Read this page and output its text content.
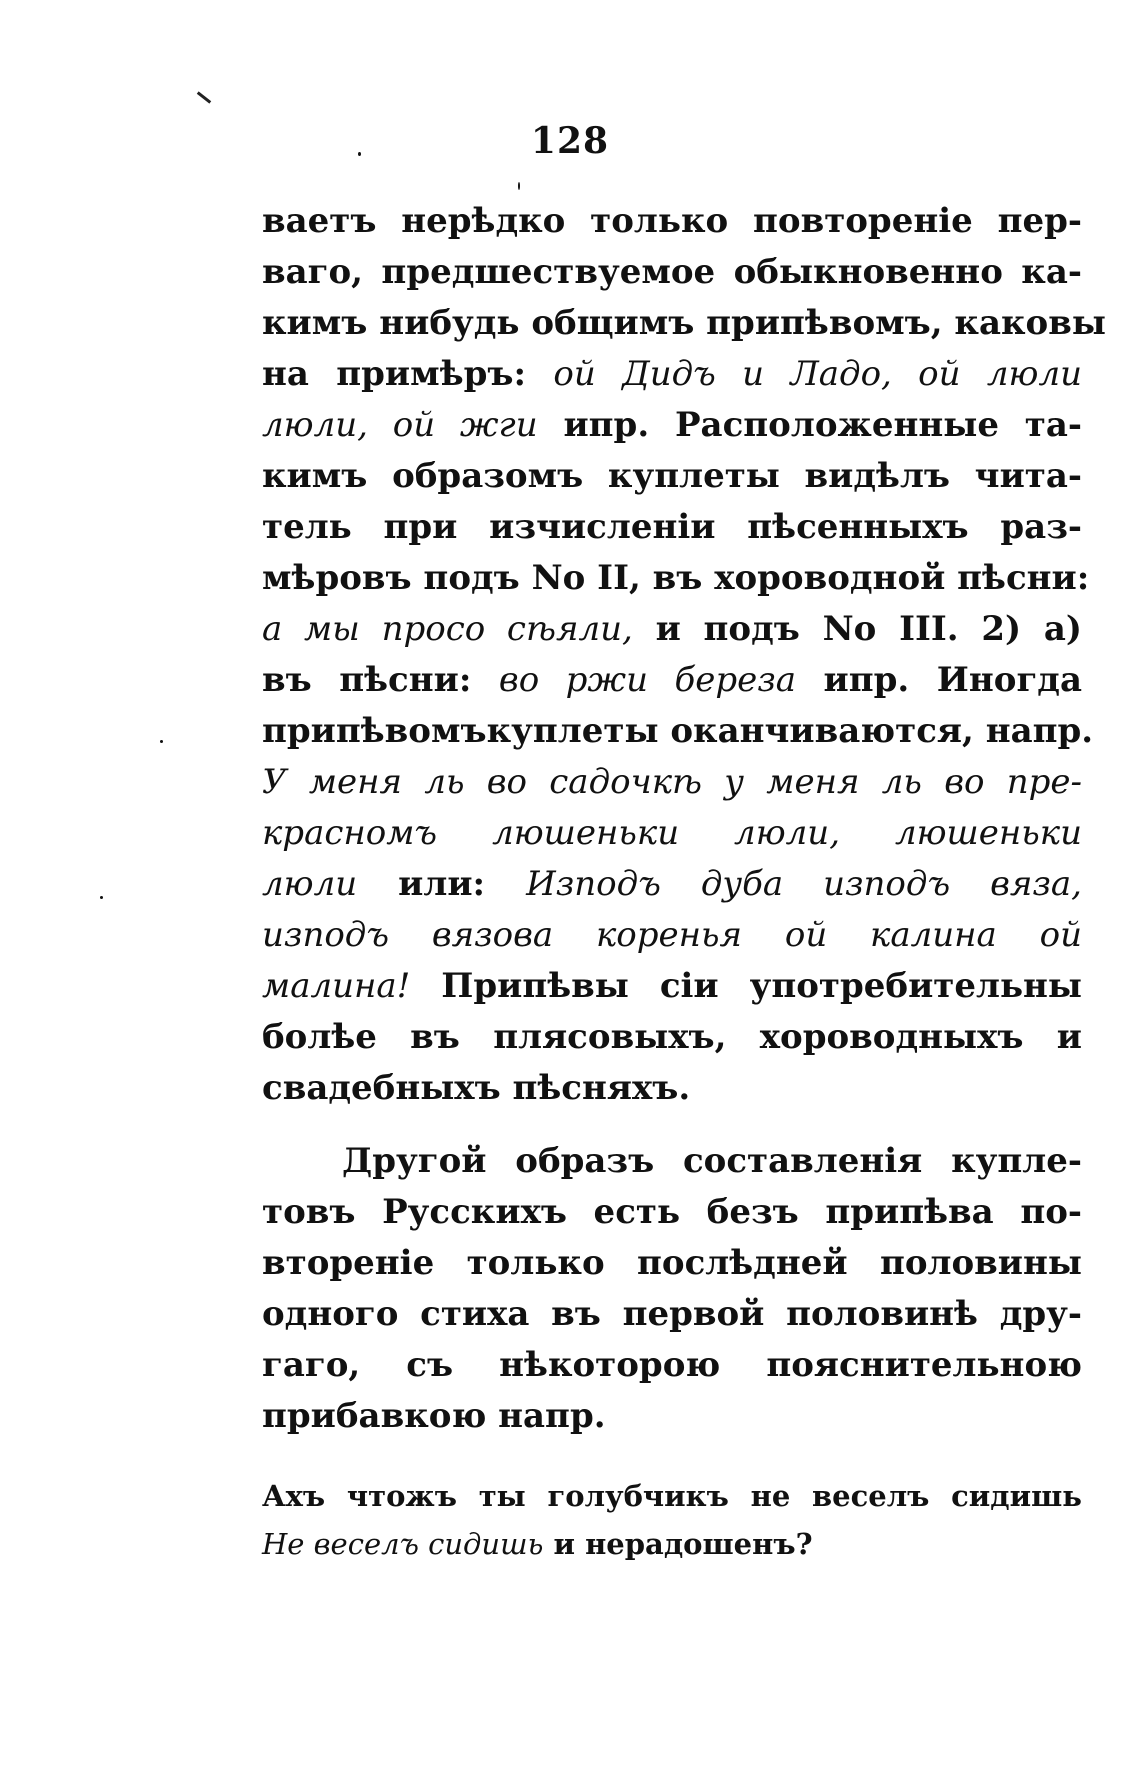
128
ваетъ нерѣдко только повтореніе пер-
ваго, предшествуемое обыкновенно ка-
кимъ нибудь общимъ припѣвомъ, каковы
на примѣръ: ой Дидъ и Ладо, ой люли
люли, ой жги ипр. Расположенные та-
кимъ образомъ куплеты видѣлъ чита-
тель при изчисленіи пѣсенныхъ раз-
мѣровъ подъ No II, въ хороводной пѣсни:
а мы просо сѣяли, и подъ No III. 2) а)
въ пѣсни: во ржи береза ипр. Иногда
припѣвомъкуплеты оканчиваются, напр.
У меня ль во садочкѣ у меня ль во пре-
красномъ люшеньки люли, люшеньки
люли или: Изподъ дуба изподъ вяза,
изподъ вязова коренья ой калина ой
малина! Припѣвы сіи употребительны
болѣе въ плясовыхъ, хороводныхъ и
свадебныхъ пѣсняхъ.
Другой образъ составленія купле-
товъ Русскихъ есть безъ припѣва по-
втореніе только послѣдней половины
одного стиха въ первой половинѣ дру-
гаго, съ нѣкоторою пояснительною
прибавкою напр.
Ахъ чтожъ ты голубчикъ не веселъ сидишь
Не веселъ сидишь и нерадошенъ?
